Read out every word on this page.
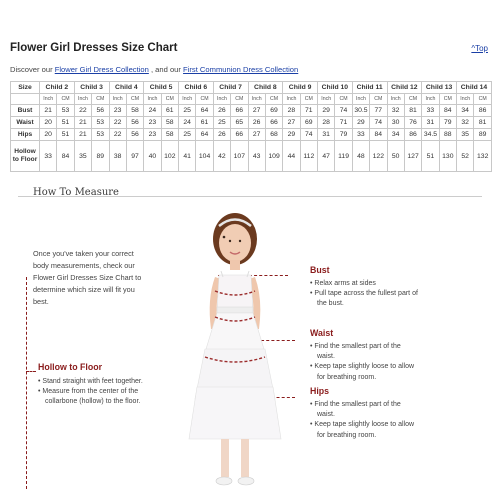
Flower Girl Dresses Size Chart	^Top
Discover our Flower Girl Dress Collection , and our First Communion Dress Collection
Size	Child 2		Child 3		Child 4		Child 5		Child 6		Child 7		Child 8		Child 9		Child 10		Child 11		Child 12		Child 13		Child 14	
	Inch	CM	Inch	CM	Inch	CM	Inch	CM	Inch	CM	Inch	CM	Inch	CM	Inch	CM	Inch	CM	Inch	CM	Inch	CM	Inch	CM	Inch	CM
Bust	21	53	22	56	23	58	24	61	25	64	26	66	27	69	28	71	29	74	30.5	77	32	81	33	84	34	86
Waist	20	51	21	53	22	56	23	58	24	61	25	65	26	66	27	69	28	71	29	74	30	76	31	79	32	81
Hips	20	51	21	53	22	56	23	58	25	64	26	66	27	68	29	74	31	79	33	84	34	86	34.5	88	35	89
Hollow to Floor	33	84	35	89	38	97	40	102	41	104	42	107	43	109	44	112	47	119	48	122	50	127	51	130	52	132
How To Measure
Once you've taken your correct body measurements, check our Flower Girl Dresses Size Chart to determine which size will fit you best.
Hollow to Floor
• Stand straight with feet together.
• Measure from the center of the collarbone (hollow) to the floor.
Bust
• Relax arms at sides
• Pull tape across the fullest part of the bust.
Waist
• Find the smallest part of the waist.
• Keep tape slightly loose to allow for breathing room.
Hips
• Find the smallest part of the waist.
• Keep tape slightly loose to allow for breathing room.
